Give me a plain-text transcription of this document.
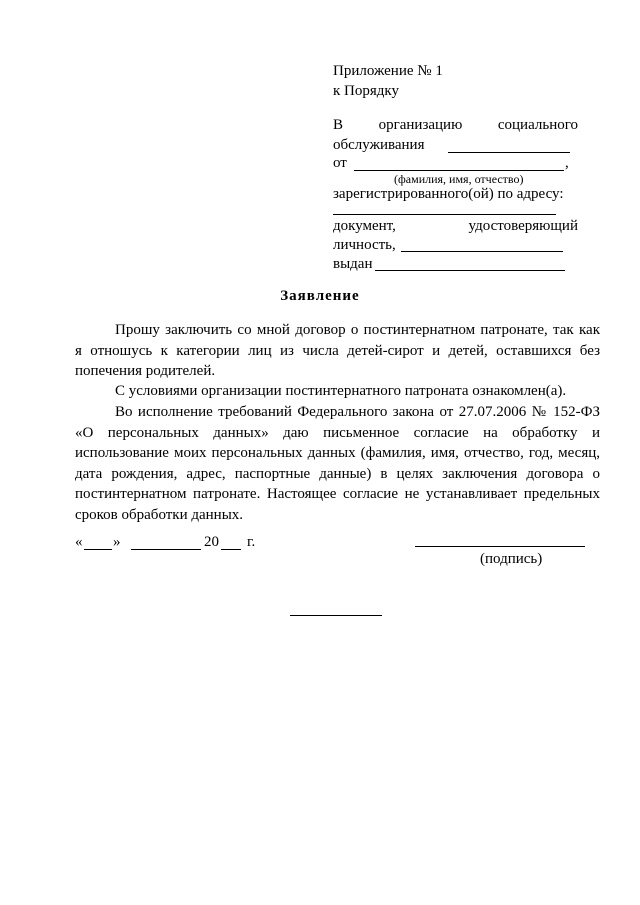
Приложение № 1
к Порядку
В организацию социального
обслуживания
от	,
(фамилия, имя, отчество)
зарегистрированного(ой) по адресу:
документ,	удостоверяющий
личность,
выдан
Заявление
Прошу заключить со мной договор о постинтернатном патронате, так как
я отношусь к категории лиц из числа детей-сирот и детей, оставшихся без
попечения родителей.
С условиями организации постинтернатного патроната ознакомлен(а).
Во исполнение требований Федерального закона от 27.07.2006 № 152-ФЗ
«О персональных данных» даю письменное согласие на обработку и
использование моих персональных данных (фамилия, имя, отчество, год, месяц,
дата рождения, адрес, паспортные данные) в целях заключения договора о
постинтернатном патронате. Настоящее согласие не устанавливает предельных
сроков обработки данных.
« »	20 г.
(подпись)
